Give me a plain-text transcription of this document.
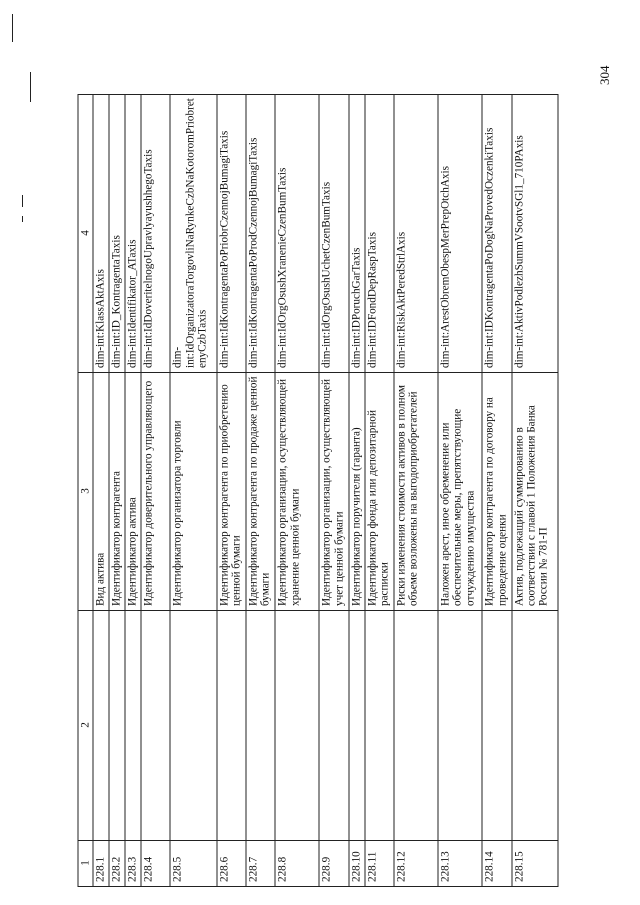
304
1	2	3	4
228.1		Вид актива	dim-int:KlassAktAxis
228.2		Идентификатор контрагента	dim-int:ID_KontragentaTaxis
228.3		Идентификатор актива	dim-int:Identifikator_ATaxis
228.4		Идентификатор доверительного управляющего	dim-int:IdDoveritelnogoUpravlyayushhegoTaxis
228.5		Идентификатор организатора торговли	dim-int:IdOrganizatoraTorgovliNaRynkeCzbNaKotoromPriobretenyCzbTaxis
228.6		Идентификатор контрагента по приобретению ценной бумаги	dim-int:IdKontragentaPoPriobrCzennojBumagiTaxis
228.7		Идентификатор контрагента по продаже ценной бумаги	dim-int:IdKontragentaPoProdCzennojBumagiTaxis
228.8		Идентификатор организации, осуществляющей хранение ценной бумаги	dim-int:IdOrgOsushXranenieCzenBumTaxis
228.9		Идентификатор организации, осуществляющей учет ценной бумаги	dim-int:IdOrgOsushUchetCzenBumTaxis
228.10		Идентификатор поручителя (гаранта)	dim-int:IDPoruchGarTaxis
228.11		Идентификатор фонда или депозитарной расписки	dim-int:IDFondDepRaspTaxis
228.12		Риски изменения стоимости активов в полном объеме возложены на выгодоприобретателей	dim-int:RiskAktPeredStrlAxis
228.13		Наложен арест, иное обременение или обеспечительные меры, препятствующие отчуждению имущества	dim-int:ArestObremObespMerPrepOtchAxis
228.14		Идентификатор контрагента по договору на проведение оценки	dim-int:IDKontragentaPoDogNaProvedOczenkiTaxis
228.15		Актив, подлежащий суммированию в соответствии с главой 1 Положения Банка России № 781-П	dim-int:AktivPodlezhSummVSootvSGl1_710PAxis
